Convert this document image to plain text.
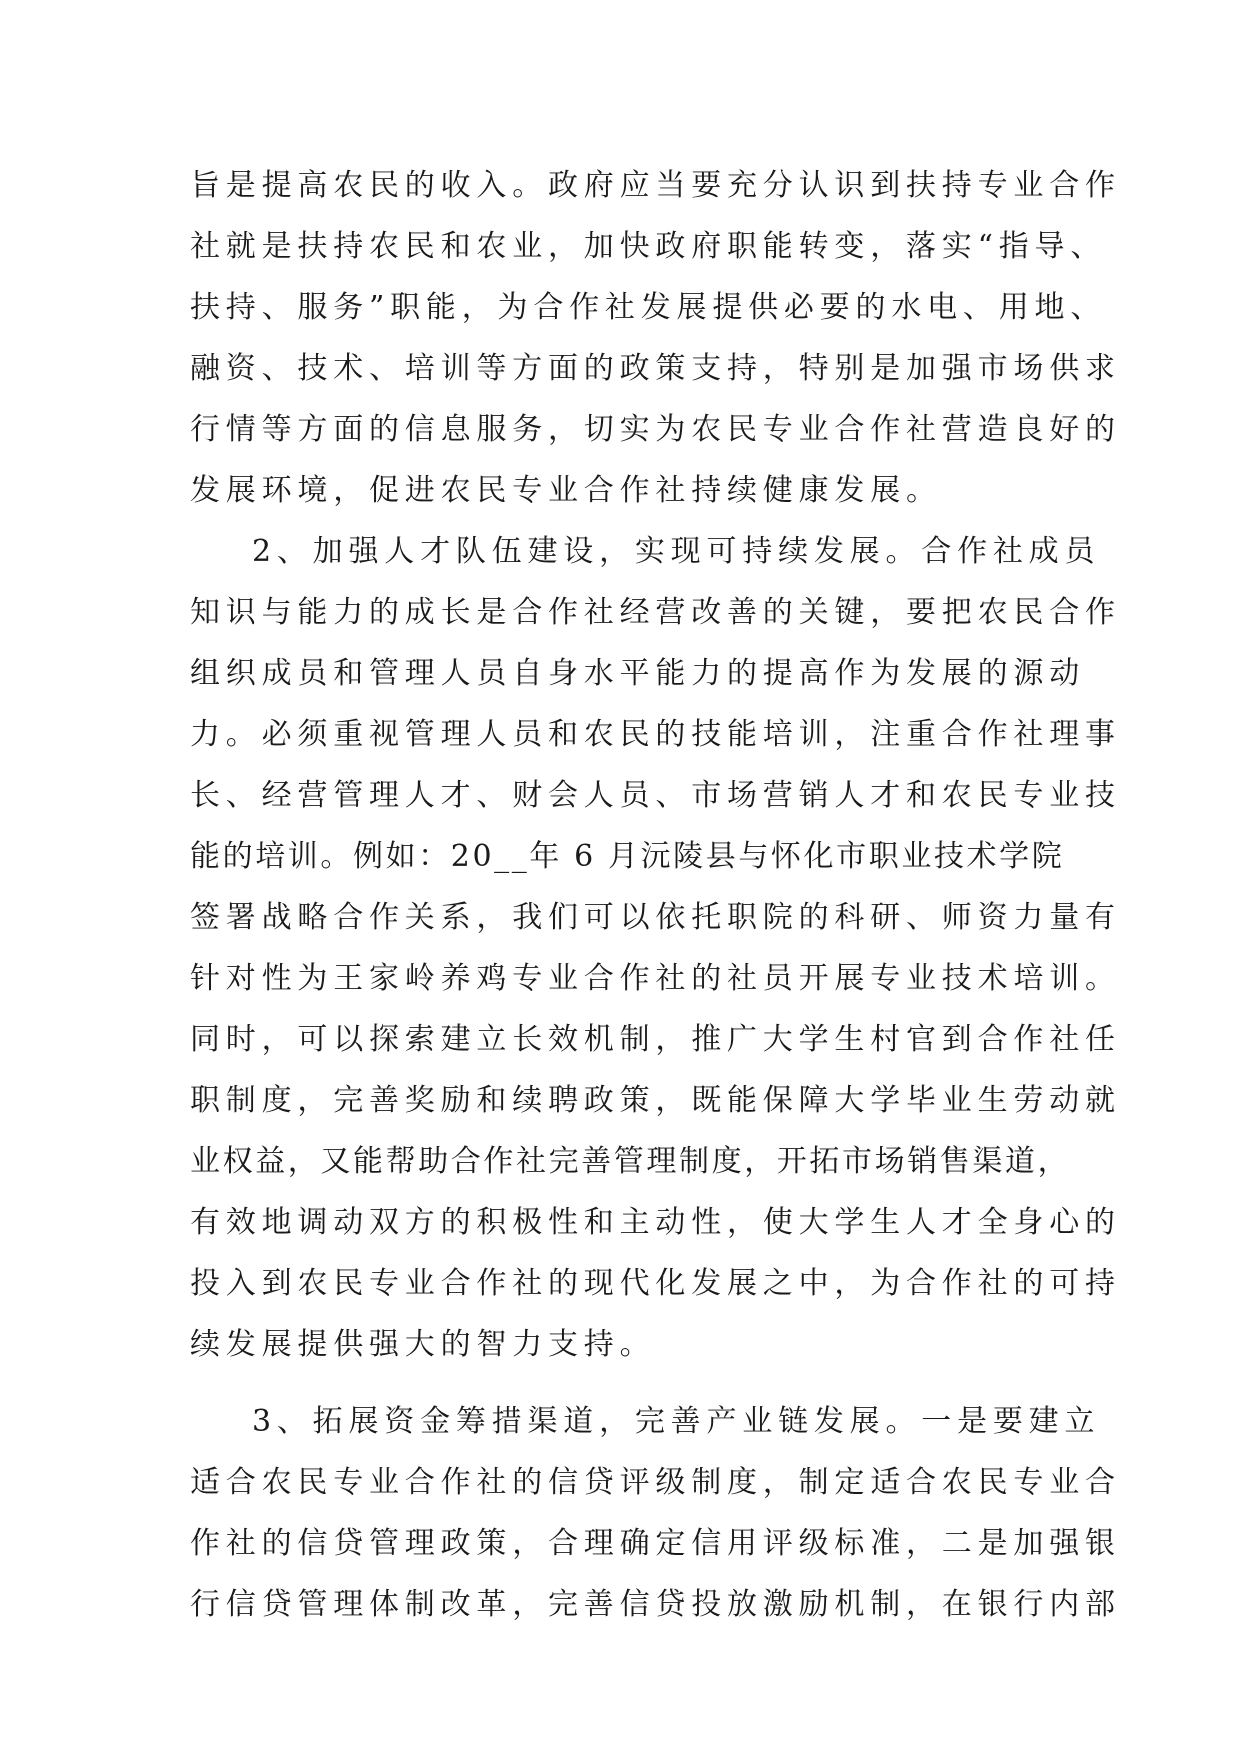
旨是提高农民的收入。政府应当要充分认识到扶持专业合作
社就是扶持农民和农业，加快政府职能转变，落实“指导、
扶持、服务”职能，为合作社发展提供必要的水电、用地、
融资、技术、培训等方面的政策支持，特别是加强市场供求
行情等方面的信息服务，切实为农民专业合作社营造良好的
发展环境，促进农民专业合作社持续健康发展。
2、加强人才队伍建设，实现可持续发展。合作社成员
知识与能力的成长是合作社经营改善的关键，要把农民合作
组织成员和管理人员自身水平能力的提高作为发展的源动
力。必须重视管理人员和农民的技能培训，注重合作社理事
长、经营管理人才、财会人员、市场营销人才和农民专业技
能的培训。例如：20__年 6 月沅陵县与怀化市职业技术学院
签署战略合作关系，我们可以依托职院的科研、师资力量有
针对性为王家岭养鸡专业合作社的社员开展专业技术培训。
同时，可以探索建立长效机制，推广大学生村官到合作社任
职制度，完善奖励和续聘政策，既能保障大学毕业生劳动就
业权益，又能帮助合作社完善管理制度，开拓市场销售渠道，
有效地调动双方的积极性和主动性，使大学生人才全身心的
投入到农民专业合作社的现代化发展之中，为合作社的可持
续发展提供强大的智力支持。
3、拓展资金筹措渠道，完善产业链发展。一是要建立
适合农民专业合作社的信贷评级制度，制定适合农民专业合
作社的信贷管理政策，合理确定信用评级标准，二是加强银
行信贷管理体制改革，完善信贷投放激励机制，在银行内部
